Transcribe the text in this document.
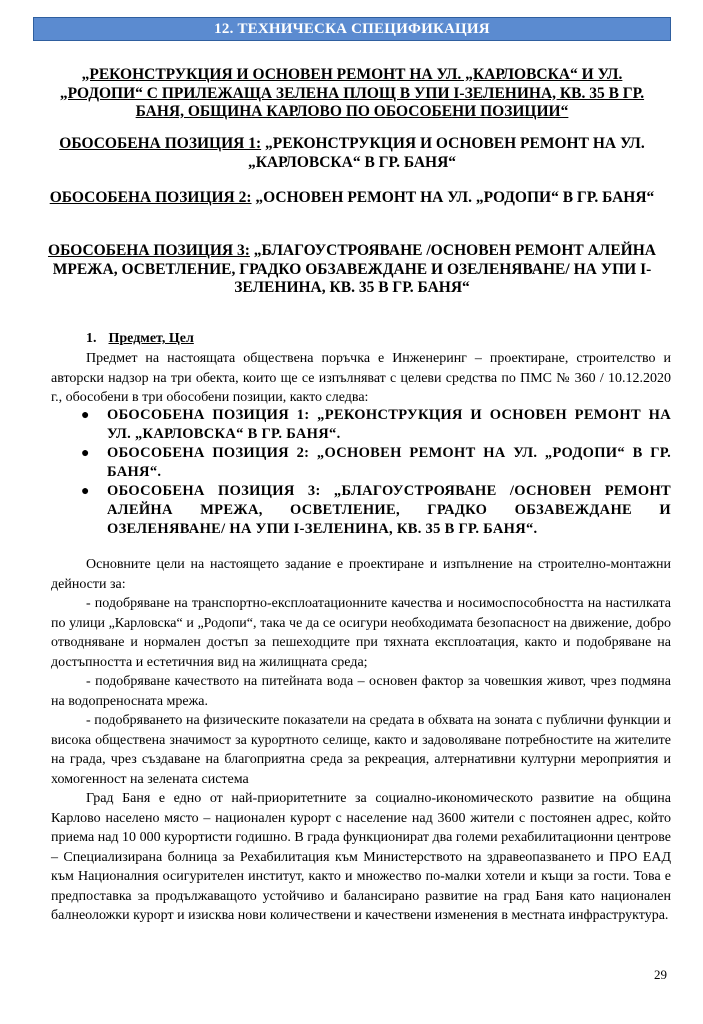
12. ТЕХНИЧЕСКА СПЕЦИФИКАЦИЯ

„РЕКОНСТРУКЦИЯ И ОСНОВЕН РЕМОНТ НА УЛ. „КАРЛОВСКА“ И УЛ. „РОДОПИ“ С ПРИЛЕЖАЩА ЗЕЛЕНА ПЛОЩ В УПИ I-ЗЕЛЕНИНА, КВ. 35 В ГР. БАНЯ, ОБЩИНА КАРЛОВО ПО ОБОСОБЕНИ ПОЗИЦИИ“

ОБОСОБЕНА ПОЗИЦИЯ 1: „РЕКОНСТРУКЦИЯ И ОСНОВЕН РЕМОНТ НА УЛ. „КАРЛОВСКА“ В ГР. БАНЯ“

ОБОСОБЕНА ПОЗИЦИЯ 2: „ОСНОВЕН РЕМОНТ НА УЛ. „РОДОПИ“ В ГР. БАНЯ“

ОБОСОБЕНА ПОЗИЦИЯ 3: „БЛАГОУСТРОЯВАНЕ /ОСНОВЕН РЕМОНТ АЛЕЙНА МРЕЖА, ОСВЕТЛЕНИЕ, ГРАДКО ОБЗАВЕЖДАНЕ И ОЗЕЛЕНЯВАНЕ/ НА УПИ I-ЗЕЛЕНИНА, КВ. 35 В ГР. БАНЯ“

1. Предмет, Цел

Предмет на настоящата обществена поръчка е Инженеринг – проектиране, строителство и авторски надзор на три обекта, които ще се изпълняват с целеви средства по ПМС № 360 / 10.12.2020 г., обособени в три обособени позиции, както следва:

● ОБОСОБЕНА ПОЗИЦИЯ 1: „РЕКОНСТРУКЦИЯ И ОСНОВЕН РЕМОНТ НА УЛ. „КАРЛОВСКА“ В ГР. БАНЯ“.
● ОБОСОБЕНА ПОЗИЦИЯ 2: „ОСНОВЕН РЕМОНТ НА УЛ. „РОДОПИ“ В ГР. БАНЯ“.
● ОБОСОБЕНА ПОЗИЦИЯ 3: „БЛАГОУСТРОЯВАНЕ /ОСНОВЕН РЕМОНТ АЛЕЙНА МРЕЖА, ОСВЕТЛЕНИЕ, ГРАДКО ОБЗАВЕЖДАНЕ И ОЗЕЛЕНЯВАНЕ/ НА УПИ I-ЗЕЛЕНИНА, КВ. 35 В ГР. БАНЯ“.

Основните цели на настоящето задание е проектиране и изпълнение на строително-монтажни дейности за:

- подобряване на транспортно-експлоатационните качества и носимоспособността на настилката по улици „Карловска“ и „Родопи“, така че да се осигури необходимата безопасност на движение, добро отводняване и нормален достъп за пешеходците при тяхната експлоатация, както и подобряване на достъпността и естетичния вид на жилищната среда;

- подобряване качеството на питейната вода – основен фактор за човешкия живот, чрез подмяна на водопреносната мрежа.

- подобряването на физическите показатели на средата в обхвата на зоната с публични функции и висока обществена значимост за курортното селище, както и задоволяване потребностите на жителите на града, чрез създаване на благоприятна среда за рекреация, алтернативни културни мероприятия и хомогенност на зелената система

Град Баня е едно от най-приоритетните за социално-икономическото развитие на община Карлово населено място – национален курорт с население над 3600 жители с постоянен адрес, който приема над 10 000 курортисти годишно. В града функционират два големи рехабилитационни центрове – Специализирана болница за Рехабилитация към Министерството на здравеопазването и ПРО ЕАД към Националния осигурителен институт, както и множество по-малки хотели и къщи за гости. Това е предпоставка за продължаващото устойчиво и балансирано развитие на град Баня като национален балнеоложки курорт и изисква нови количествени и качествени изменения в местната инфраструктура.

29
